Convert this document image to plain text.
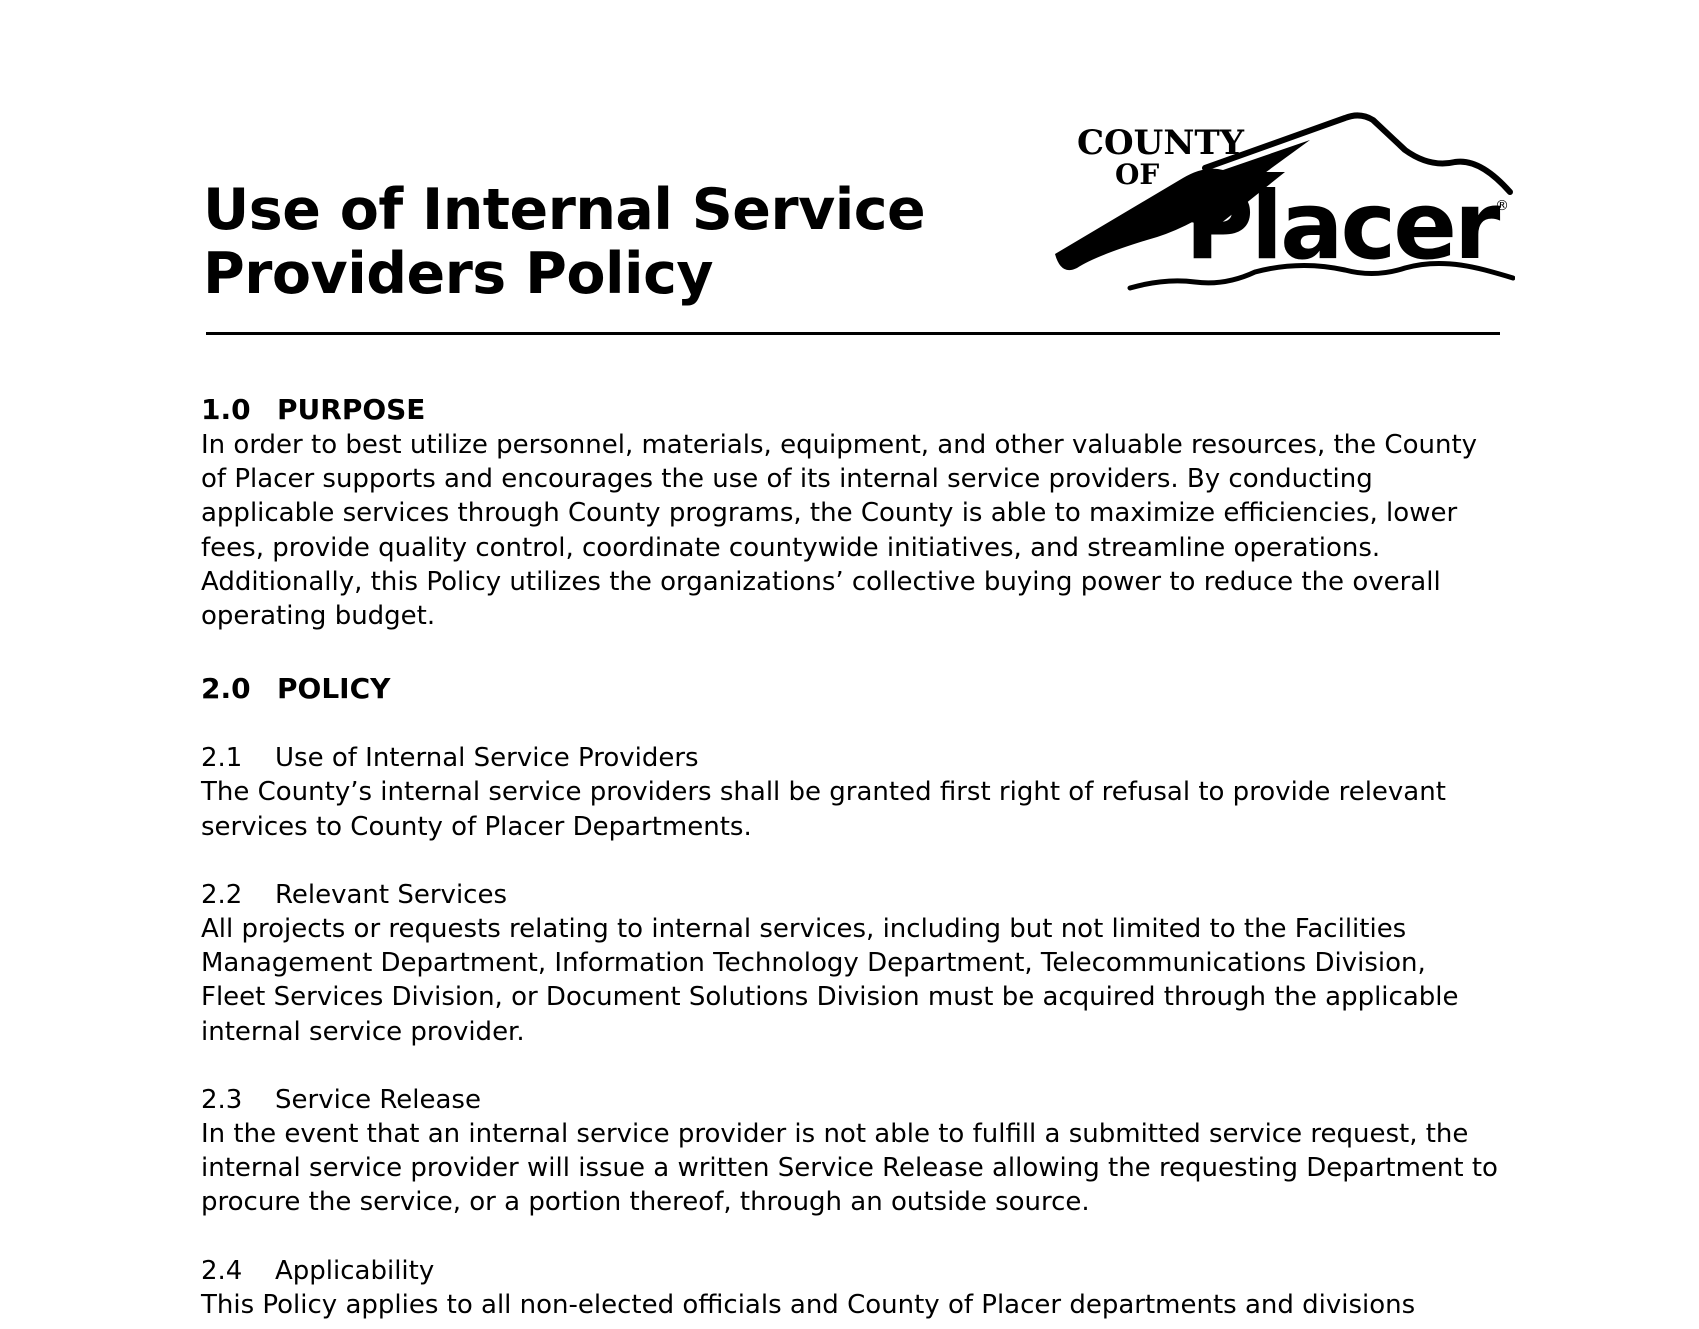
Use of Internal Service
Providers Policy
COUNTY
OF Placer
®
1.0 PURPOSE
In order to best utilize personnel, materials, equipment, and other valuable resources, the County
of Placer supports and encourages the use of its internal service providers. By conducting
applicable services through County programs, the County is able to maximize efficiencies, lower
fees, provide quality control, coordinate countywide initiatives, and streamline operations.
Additionally, this Policy utilizes the organizations’ collective buying power to reduce the overall
operating budget.
2.0 POLICY
2.1 Use of Internal Service Providers
The County’s internal service providers shall be granted first right of refusal to provide relevant
services to County of Placer Departments.
2.2 Relevant Services
All projects or requests relating to internal services, including but not limited to the Facilities
Management Department, Information Technology Department, Telecommunications Division,
Fleet Services Division, or Document Solutions Division must be acquired through the applicable
internal service provider.
2.3 Service Release
In the event that an internal service provider is not able to fulfill a submitted service request, the
internal service provider will issue a written Service Release allowing the requesting Department to
procure the service, or a portion thereof, through an outside source.
2.4 Applicability
This Policy applies to all non-elected officials and County of Placer departments and divisions
